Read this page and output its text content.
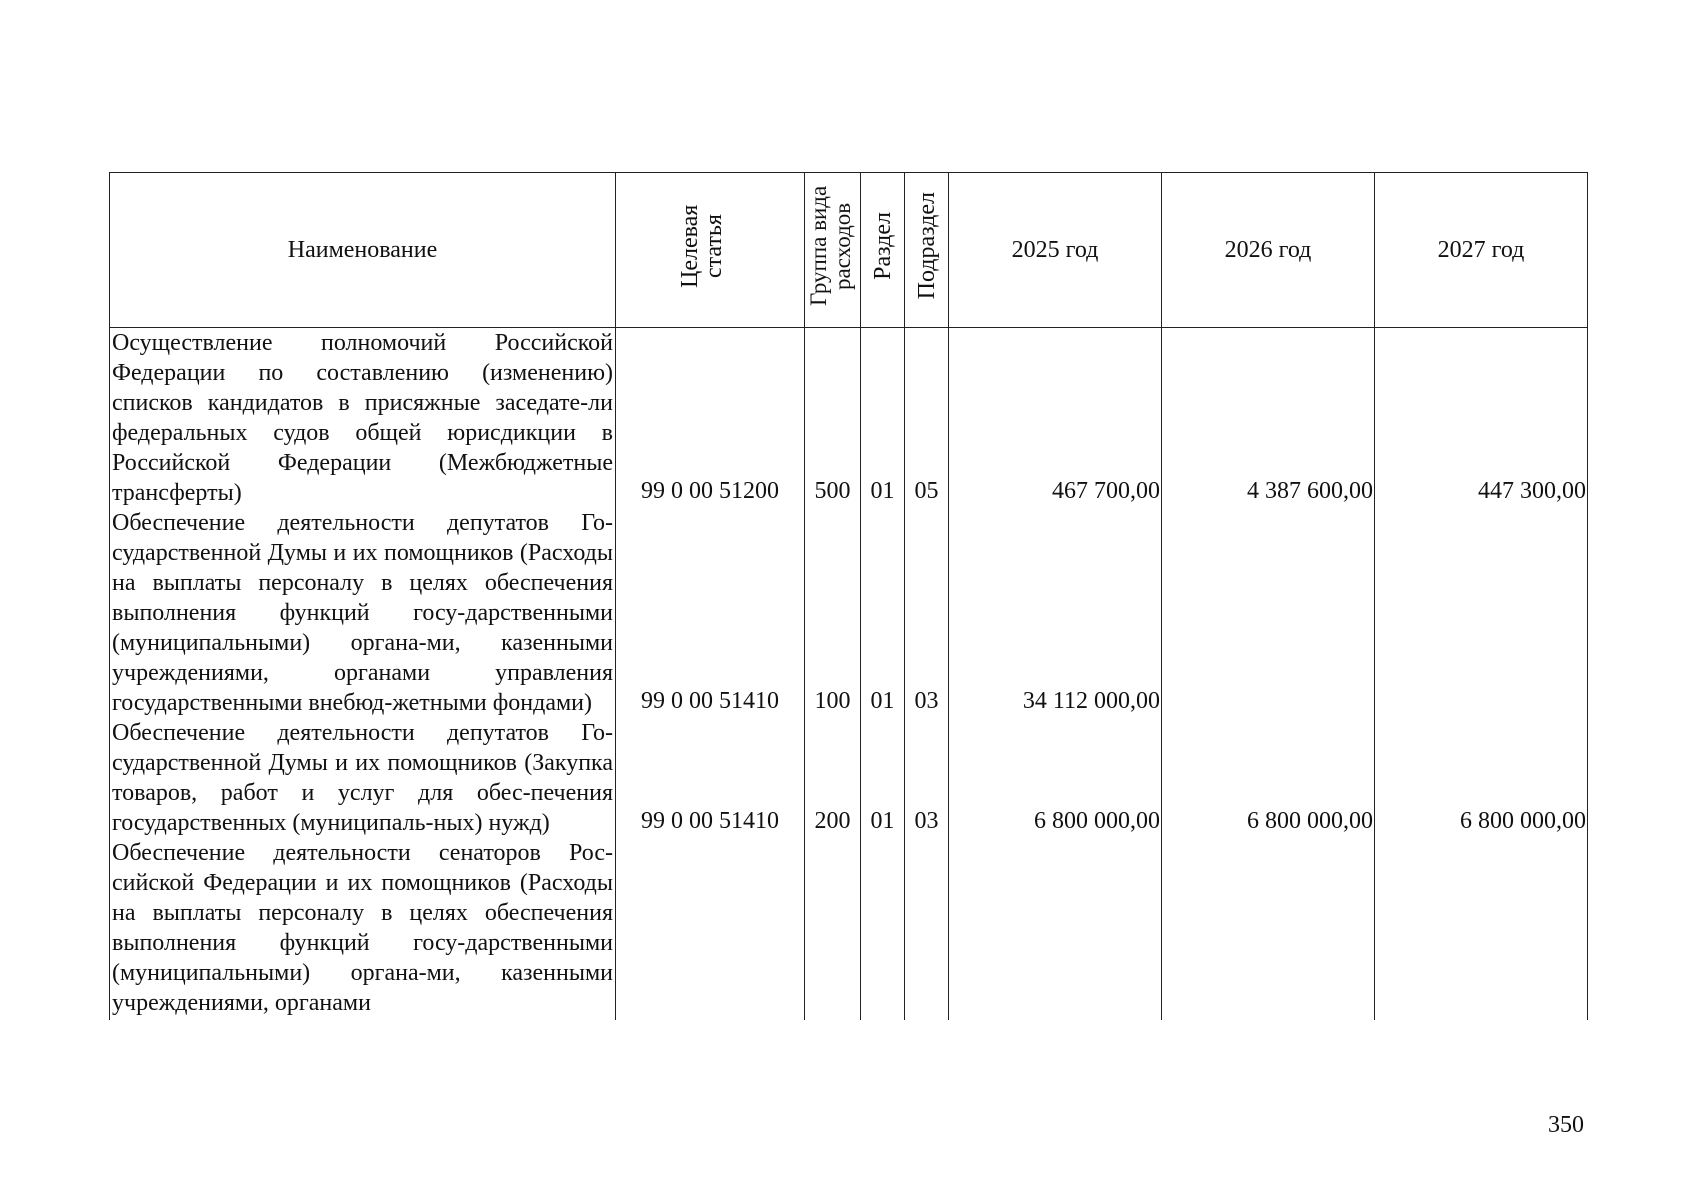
Наименование	Целевая статья	Группа вида расходов	Раздел	Подраздел	2025 год	2026 год	2027 год
Осуществление полномочий Российской Федерации по составлению (изменению) списков кандидатов в присяжные заседате-ли федеральных судов общей юрисдикции в Российской Федерации (Межбюджетные трансферты)	99 0 00 51200	500	01	05	467 700,00	4 387 600,00	447 300,00
Обеспечение деятельности депутатов Го-сударственной Думы и их помощников (Расходы на выплаты персоналу в целях обеспечения выполнения функций госу-дарственными (муниципальными) органа-ми, казенными учреждениями, органами управления государственными внебюд-жетными фондами)	99 0 00 51410	100	01	03	34 112 000,00		
Обеспечение деятельности депутатов Го-сударственной Думы и их помощников (Закупка товаров, работ и услуг для обес-печения государственных (муниципаль-ных) нужд)	99 0 00 51410	200	01	03	6 800 000,00	6 800 000,00	6 800 000,00
Обеспечение деятельности сенаторов Рос-сийской Федерации и их помощников (Расходы на выплаты персоналу в целях обеспечения выполнения функций госу-дарственными (муниципальными) органа-ми, казенными учреждениями, органами							
350
